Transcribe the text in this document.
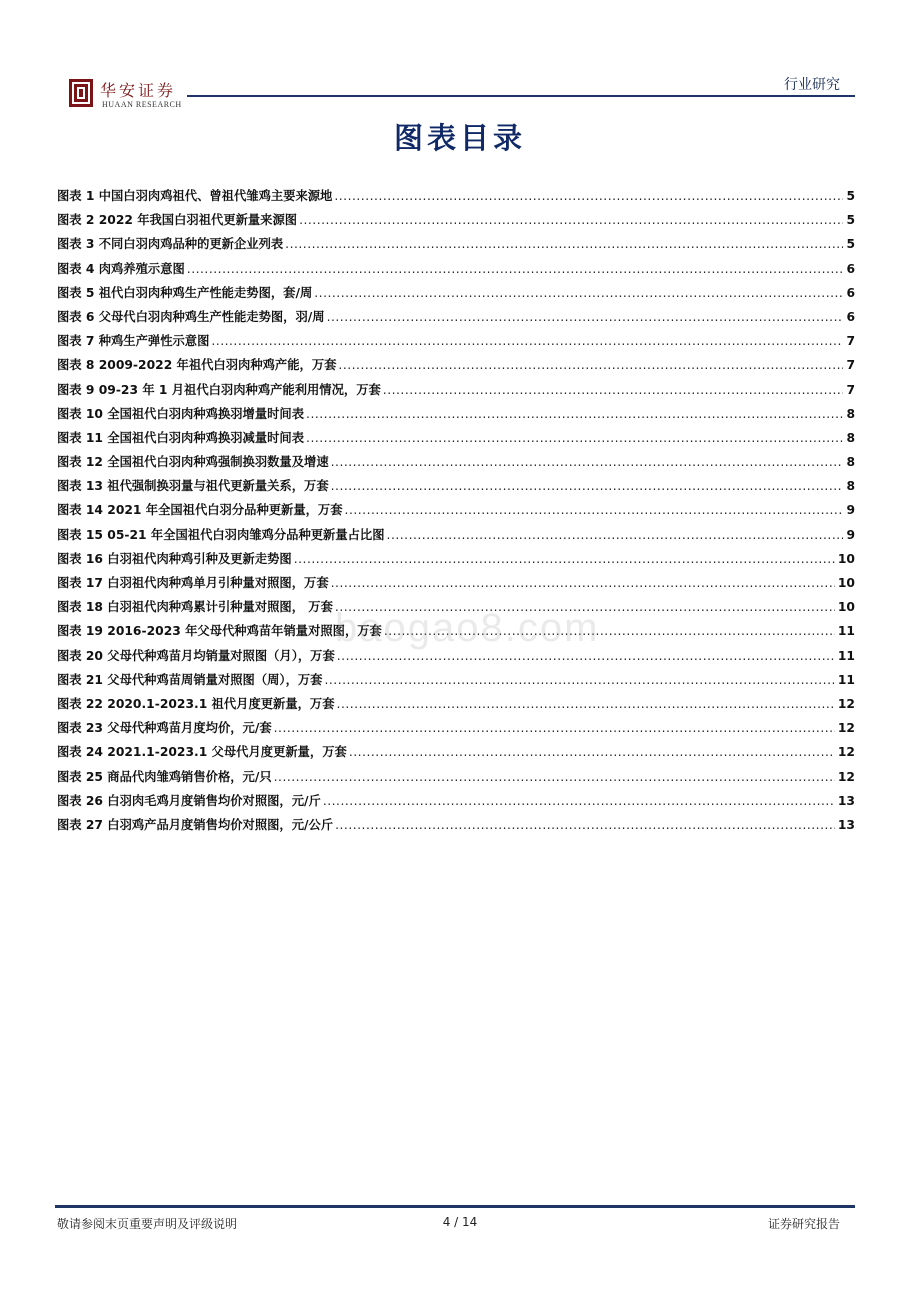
华安证券
HUAAN RESEARCH
行业研究
图表目录
图表 1 中国白羽肉鸡祖代、曾祖代雏鸡主要来源地 .....	5
图表 2 2022 年我国白羽祖代更新量来源图 .....	5
图表 3 不同白羽肉鸡品种的更新企业列表 .....	5
图表 4 肉鸡养殖示意图 .....	6
图表 5 祖代白羽肉种鸡生产性能走势图，套/周 .....	6
图表 6 父母代白羽肉种鸡生产性能走势图，羽/周 .....	6
图表 7 种鸡生产弹性示意图 .....	7
图表 8 2009-2022 年祖代白羽肉种鸡产能，万套 .....	7
图表 9 09-23 年 1 月祖代白羽肉种鸡产能利用情况，万套 .....	7
图表 10 全国祖代白羽肉种鸡换羽增量时间表 .....	8
图表 11 全国祖代白羽肉种鸡换羽减量时间表 .....	8
图表 12 全国祖代白羽肉种鸡强制换羽数量及增速 .....	8
图表 13 祖代强制换羽量与祖代更新量关系，万套 .....	8
图表 14 2021 年全国祖代白羽分品种更新量，万套 .....	9
图表 15 05-21 年全国祖代白羽肉雏鸡分品种更新量占比图 .....	9
图表 16 白羽祖代肉种鸡引种及更新走势图 .....	10
图表 17 白羽祖代肉种鸡单月引种量对照图，万套 .....	10
图表 18 白羽祖代肉种鸡累计引种量对照图， 万套 .....	10
图表 19 2016-2023 年父母代种鸡苗年销量对照图，万套 .....	11
图表 20 父母代种鸡苗月均销量对照图（月），万套 .....	11
图表 21 父母代种鸡苗周销量对照图（周），万套 .....	11
图表 22 2020.1-2023.1 祖代月度更新量，万套 .....	12
图表 23 父母代种鸡苗月度均价，元/套 .....	12
图表 24 2021.1-2023.1 父母代月度更新量，万套 .....	12
图表 25 商品代肉雏鸡销售价格，元/只 .....	12
图表 26 白羽肉毛鸡月度销售均价对照图，元/斤 .....	13
图表 27 白羽鸡产品月度销售均价对照图，元/公斤 .....	13
baogao8.com
敬请参阅末页重要声明及评级说明	4 / 14	证券研究报告
